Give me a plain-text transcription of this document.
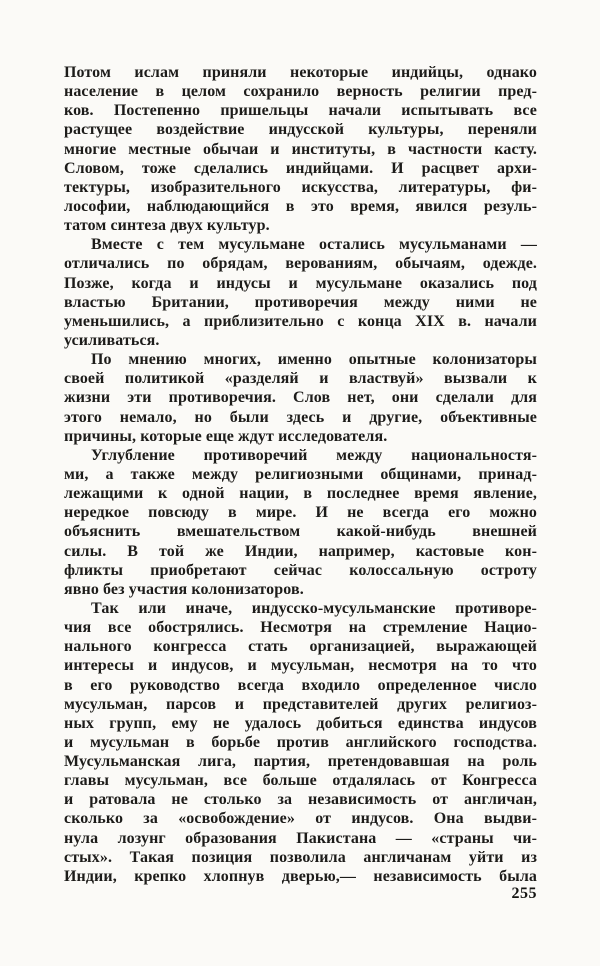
Потом ислам приняли некоторые индийцы, однако
население в целом сохранило верность религии пред-
ков. Постепенно пришельцы начали испытывать все
растущее воздействие индусской культуры, переняли
многие местные обычаи и институты, в частности касту.
Словом, тоже сделались индийцами. И расцвет архи-
тектуры, изобразительного искусства, литературы, фи-
лософии, наблюдающийся в это время, явился резуль-
татом синтеза двух культур.
Вместе с тем мусульмане остались мусульманами —
отличались по обрядам, верованиям, обычаям, одежде.
Позже, когда и индусы и мусульмане оказались под
властью Британии, противоречия между ними не
уменьшились, а приблизительно с конца XIX в. начали
усиливаться.
По мнению многих, именно опытные колонизаторы
своей политикой «разделяй и властвуй» вызвали к
жизни эти противоречия. Слов нет, они сделали для
этого немало, но были здесь и другие, объективные
причины, которые еще ждут исследователя.
Углубление противоречий между национальностя-
ми, а также между религиозными общинами, принад-
лежащими к одной нации, в последнее время явление,
нередкое повсюду в мире. И не всегда его можно
объяснить вмешательством какой-нибудь внешней
силы. В той же Индии, например, кастовые кон-
фликты приобретают сейчас колоссальную остроту
явно без участия колонизаторов.
Так или иначе, индусско-мусульманские противоре-
чия все обострялись. Несмотря на стремление Нацио-
нального конгресса стать организацией, выражающей
интересы и индусов, и мусульман, несмотря на то что
в его руководство всегда входило определенное число
мусульман, парсов и представителей других религиоз-
ных групп, ему не удалось добиться единства индусов
и мусульман в борьбе против английского господства.
Мусульманская лига, партия, претендовавшая на роль
главы мусульман, все больше отдалялась от Конгресса
и ратовала не столько за независимость от англичан,
сколько за «освобождение» от индусов. Она выдви-
нула лозунг образования Пакистана — «страны чи-
стых». Такая позиция позволила англичанам уйти из
Индии, крепко хлопнув дверью,— независимость была
255
